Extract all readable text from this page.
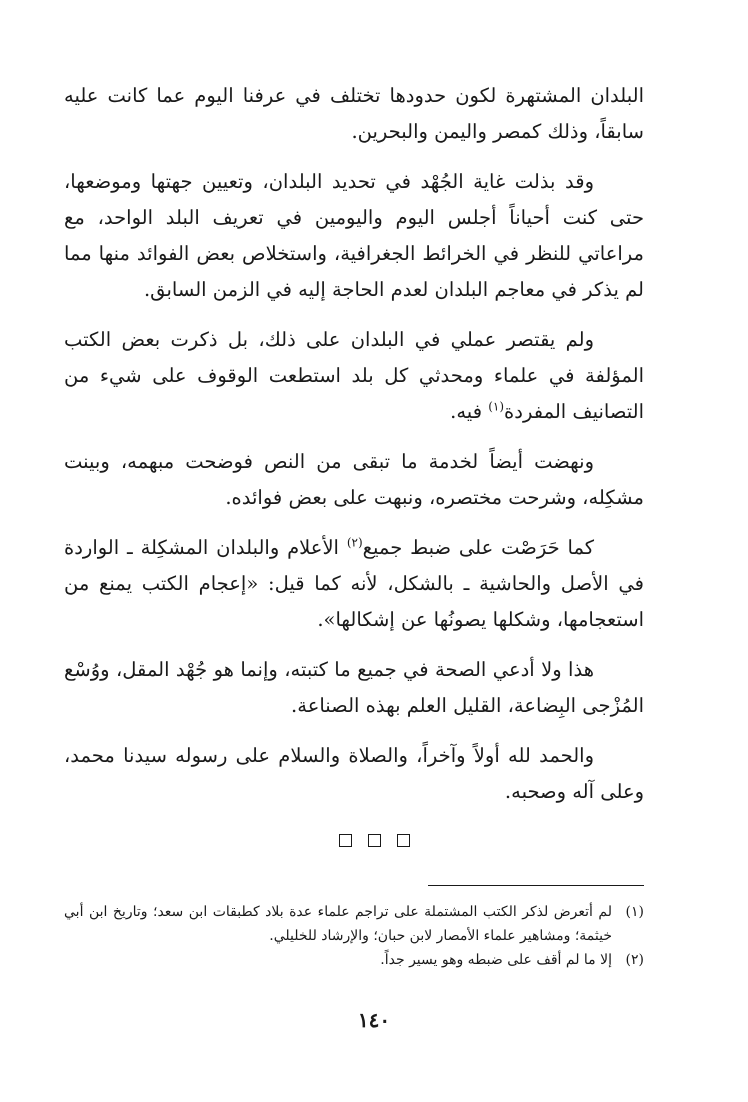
البلدان المشتهرة لكون حدودها تختلف في عرفنا اليوم عما كانت عليه سابقاً، وذلك كمصر واليمن والبحرين.

وقد بذلت غاية الجُهْد في تحديد البلدان، وتعيين جهتها وموضعها، حتى كنت أحياناً أجلس اليوم واليومين في تعريف البلد الواحد، مع مراعاتي للنظر في الخرائط الجغرافية، واستخلاص بعض الفوائد منها مما لم يذكر في معاجم البلدان لعدم الحاجة إليه في الزمن السابق.

ولم يقتصر عملي في البلدان على ذلك، بل ذكرت بعض الكتب المؤلفة في علماء ومحدثي كل بلد استطعت الوقوف على شيء من التصانيف المفردة$^{(١)}$ فيه.

ونهضت أيضاً لخدمة ما تبقى من النص فوضحت مبهمه، وبينت مشكِله، وشرحت مختصره، ونبهت على بعض فوائده.

كما حَرَصْت على ضبط جميع$^{(٢)}$ الأعلام والبلدان المشكِلة ـ الواردة في الأصل والحاشية ـ بالشكل، لأنه كما قيل: «إعجام الكتب يمنع من استعجامها، وشكلها يصونُها عن إشكالها».

هذا ولا أدعي الصحة في جميع ما كتبته، وإنما هو جُهْد المقل، ووُسْع المُزْجى البِضاعة، القليل العلم بهذه الصناعة.

والحمد لله أولاً وآخراً، والصلاة والسلام على رسوله سيدنا محمد، وعلى آله وصحبه.

(١)
لم أتعرض لذكر الكتب المشتملة على تراجم علماء عدة بلاد كطبقات ابن سعد؛ وتاريخ ابن أبي خيثمة؛ ومشاهير علماء الأمصار لابن حبان؛ والإرشاد للخليلي.

(٢)
إلا ما لم أقف على ضبطه وهو يسير جداً.

١٤٠
